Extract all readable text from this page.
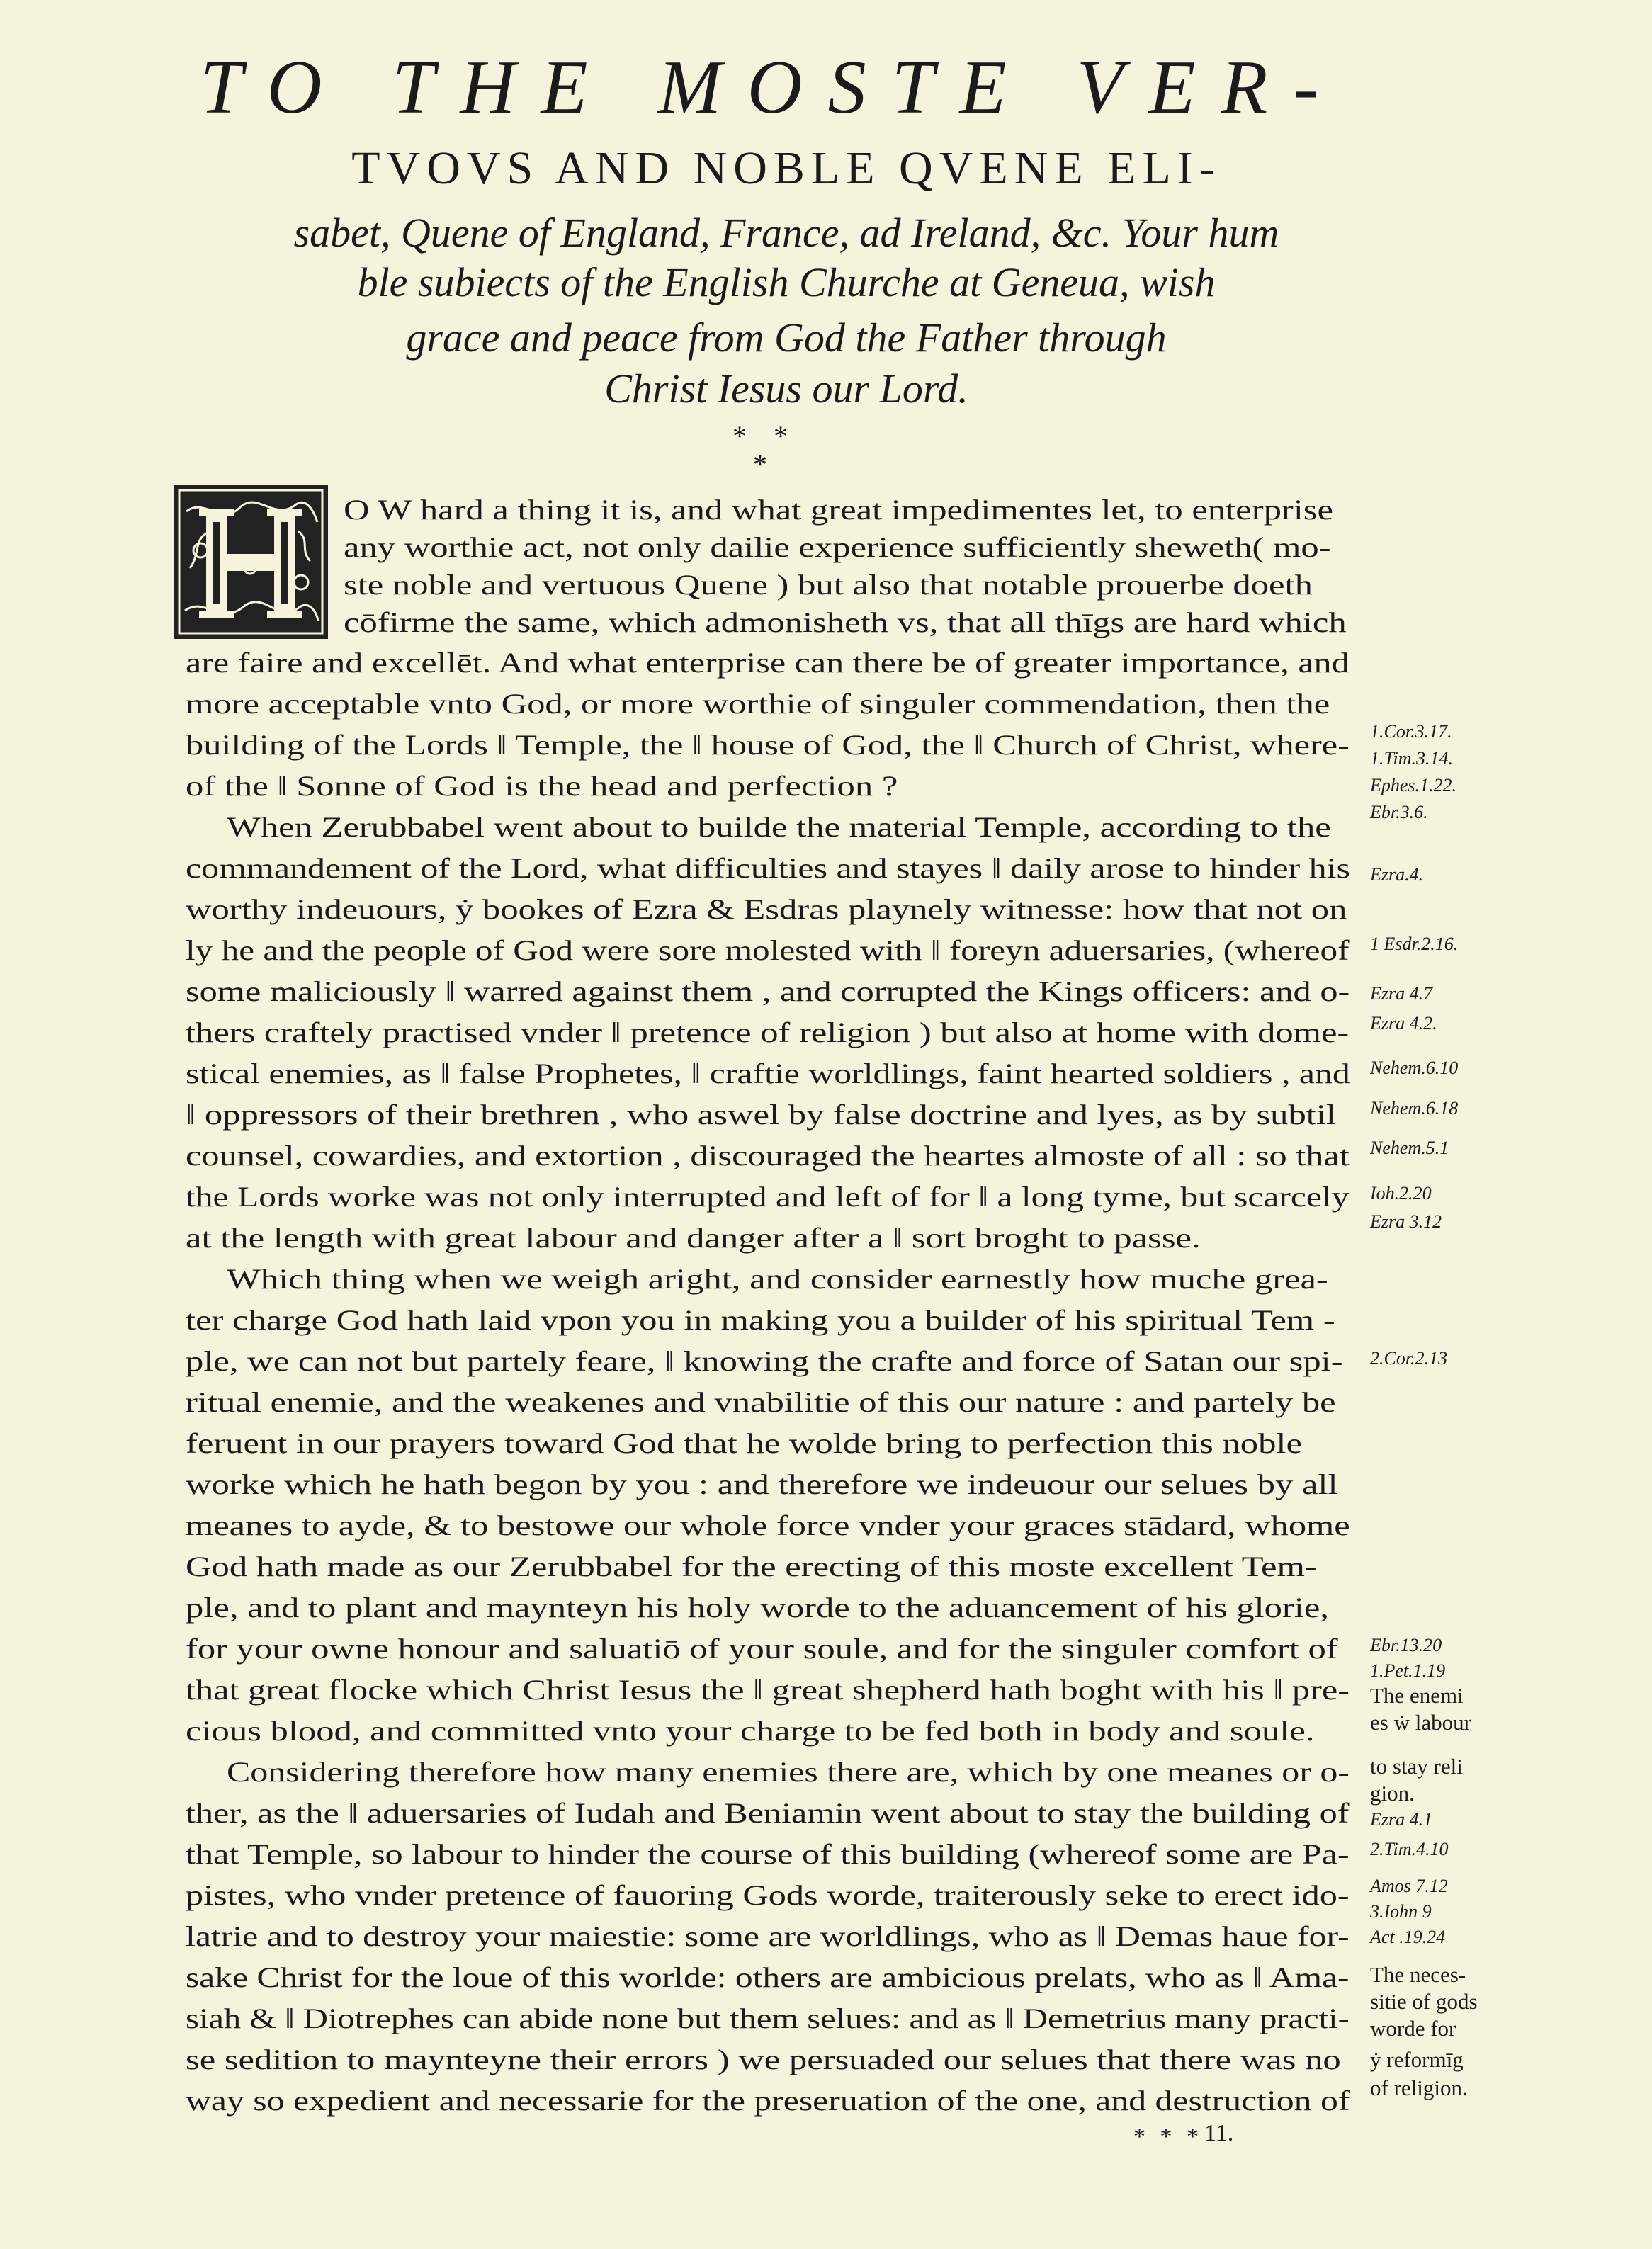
TO THE MOSTE VER-
TVOVS AND NOBLE QVENE ELI-
sabet, Quene of England, France, ad Ireland, &c. Your hum
ble subiects of the English Churche at Geneua, wish
grace and peace from God the Father through
Christ Iesus our Lord.
* * *
O W hard a thing it is, and what great impedimentes let, to enterprise
any worthie act, not only dailie experience sufficiently sheweth( mo-
ste noble and vertuous Quene ) but also that notable prouerbe doeth
cōfirme the same, which admonisheth vs, that all thīgs are hard which
are faire and excellēt. And what enterprise can there be of greater importance, and
more acceptable vnto God, or more worthie of singuler commendation, then the
building of the Lords ‖ Temple, the ‖ house of God, the ‖ Church of Christ, where-
of the ‖ Sonne of God is the head and perfection ?
When Zerubbabel went about to builde the material Temple, according to the
commandement of the Lord, what difficulties and stayes ‖ daily arose to hinder his
worthy indeuours, ẏ bookes of Ezra & Esdras playnely witnesse: how that not on
ly he and the people of God were sore molested with ‖ foreyn aduersaries, (whereof
some maliciously ‖ warred against them , and corrupted the Kings officers: and o-
thers craftely practised vnder ‖ pretence of religion ) but also at home with dome-
stical enemies, as ‖ false Prophetes, ‖ craftie worldlings, faint hearted soldiers , and
‖ oppressors of their brethren , who aswel by false doctrine and lyes, as by subtil
counsel, cowardies, and extortion , discouraged the heartes almoste of all : so that
the Lords worke was not only interrupted and left of for ‖ a long tyme, but scarcely
at the length with great labour and danger after a ‖ sort broght to passe.
Which thing when we weigh aright, and consider earnestly how muche grea-
ter charge God hath laid vpon you in making you a builder of his spiritual Tem -
ple, we can not but partely feare, ‖ knowing the crafte and force of Satan our spi-
ritual enemie, and the weakenes and vnabilitie of this our nature : and partely be
feruent in our prayers toward God that he wolde bring to perfection this noble
worke which he hath begon by you : and therefore we indeuour our selues by all
meanes to ayde, & to bestowe our whole force vnder your graces stādard, whome
God hath made as our Zerubbabel for the erecting of this moste excellent Tem-
ple, and to plant and maynteyn his holy worde to the aduancement of his glorie,
for your owne honour and saluatiō of your soule, and for the singuler comfort of
that great flocke which Christ Iesus the ‖ great shepherd hath boght with his ‖ pre-
cious blood, and committed vnto your charge to be fed both in body and soule.
Considering therefore how many enemies there are, which by one meanes or o-
ther, as the ‖ aduersaries of Iudah and Beniamin went about to stay the building of
that Temple, so labour to hinder the course of this building (whereof some are Pa-
pistes, who vnder pretence of fauoring Gods worde, traiterously seke to erect ido-
latrie and to destroy your maiestie: some are worldlings, who as ‖ Demas haue for-
sake Christ for the loue of this worlde: others are ambicious prelats, who as ‖ Ama-
siah & ‖ Diotrephes can abide none but them selues: and as ‖ Demetrius many practi-
se sedition to maynteyne their errors ) we persuaded our selues that there was no
way so expedient and necessarie for the preseruation of the one, and destruction of
1.Cor.3.17.
1.Tim.3.14.
Ephes.1.22.
Ebr.3.6.
Ezra.4.
1 Esdr.2.16.
Ezra 4.7
Ezra 4.2.
Nehem.6.10
Nehem.6.18
Nehem.5.1
Ioh.2.20
Ezra 3.12
2.Cor.2.13
Ebr.13.20
1.Pet.1.19
The enemi
es ẇ labour
to stay reli
gion.
Ezra 4.1
2.Tim.4.10
Amos 7.12
3.Iohn 9
Act .19.24
The neces-
sitie of gods
worde for
ẏ reformīg
of religion.
* * * 11.
